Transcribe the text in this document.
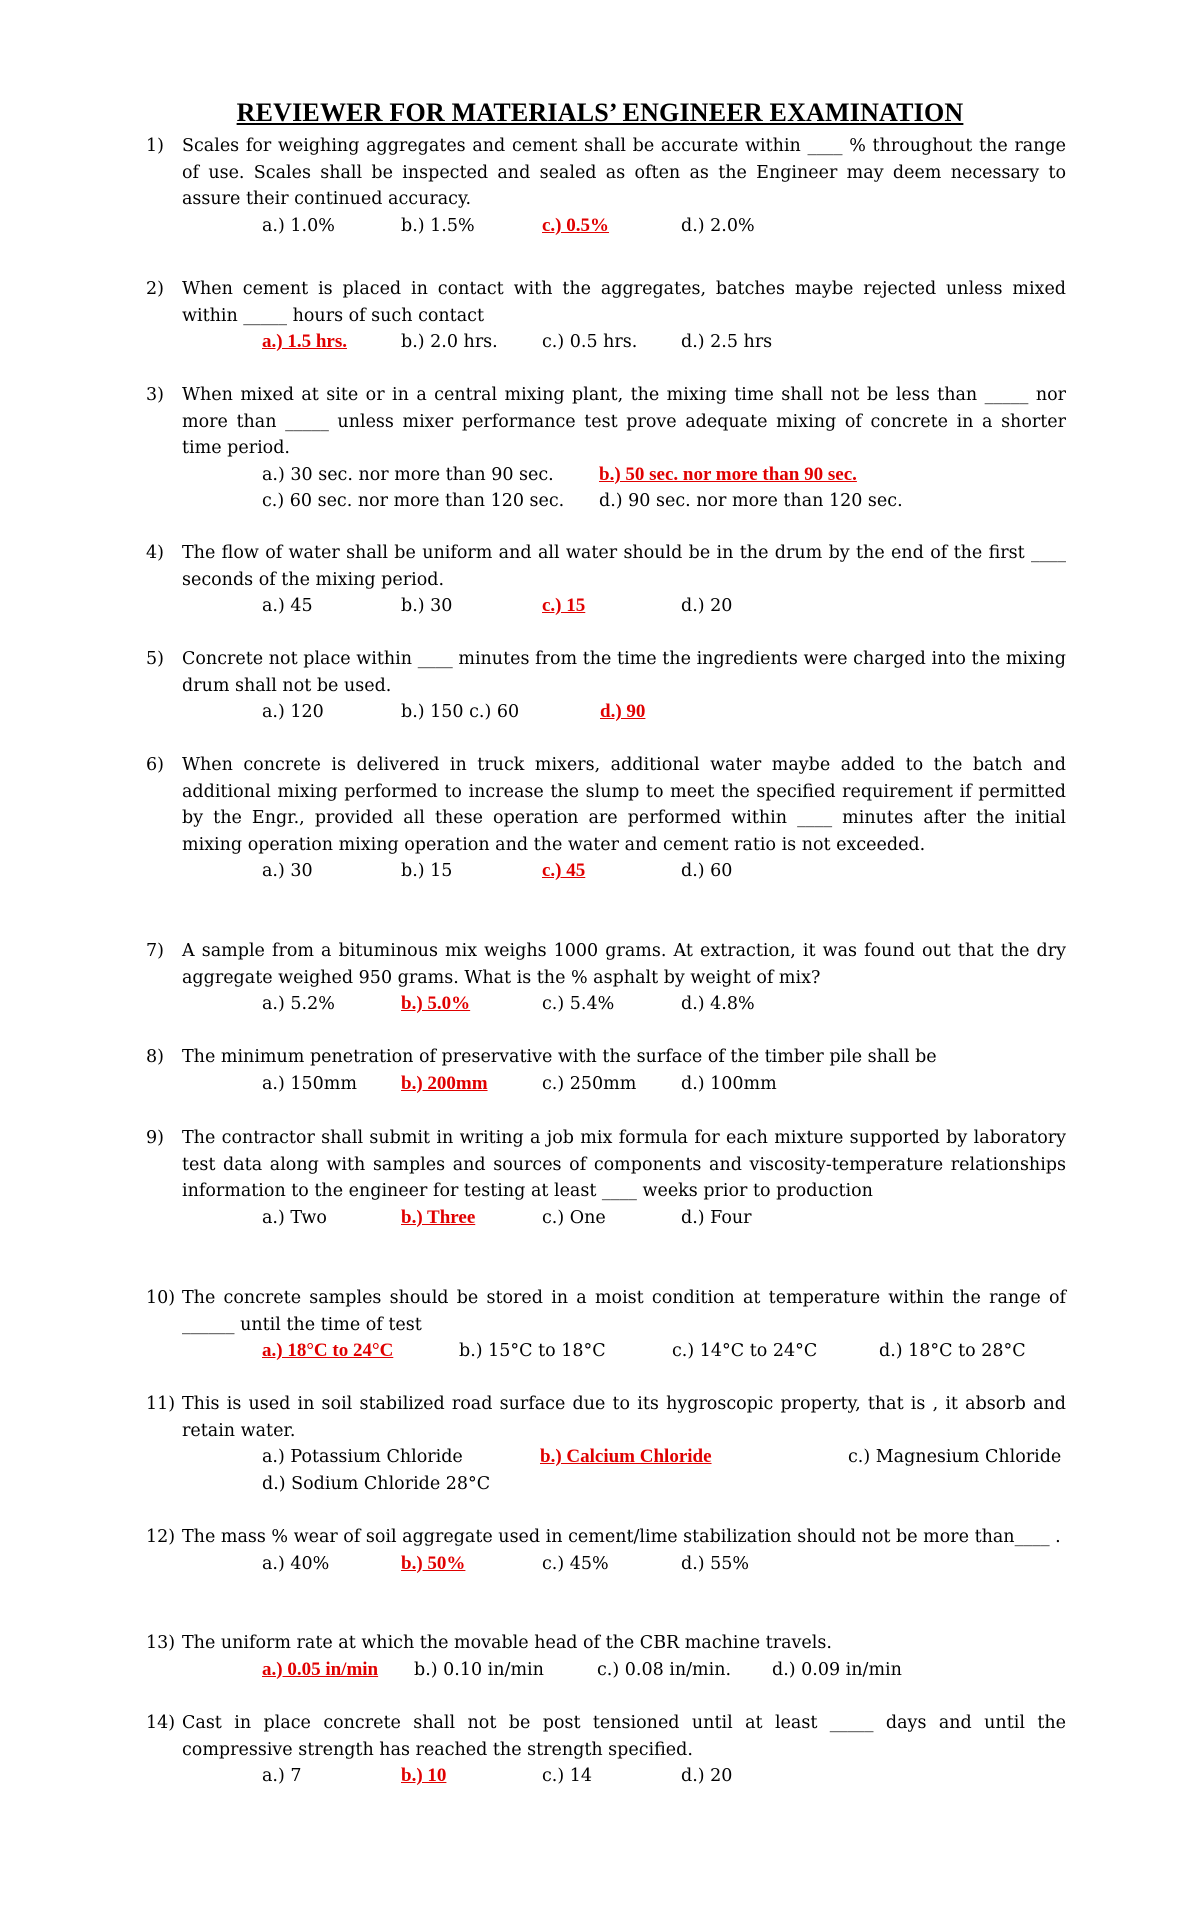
REVIEWER FOR MATERIALS’ ENGINEER EXAMINATION
1)	Scales for weighing aggregates and cement shall be accurate within ____ % throughout the range of use. Scales shall be inspected and sealed as often as the Engineer may deem necessary to assure their continued accuracy.
a.) 1.0%	b.) 1.5%	c.) 0.5%	d.) 2.0%
2)	When cement is placed in contact with the aggregates, batches maybe rejected unless mixed within _____ hours of such contact
a.) 1.5 hrs.	b.) 2.0 hrs.	c.) 0.5 hrs. d.) 2.5 hrs
3)	When mixed at site or in a central mixing plant, the mixing time shall not be less than _____ nor more than _____ unless mixer performance test prove adequate mixing of concrete in a shorter time period.
a.) 30 sec. nor more than 90 sec. b.) 50 sec. nor more than 90 sec.
c.) 60 sec. nor more than 120 sec. d.) 90 sec. nor more than 120 sec.
4)	The flow of water shall be uniform and all water should be in the drum by the end of the first ____ seconds of the mixing period.
a.) 45	b.) 30	c.) 15	d.) 20
5)	Concrete not place within ____ minutes from the time the ingredients were charged into the mixing drum shall not be used.
a.) 120	b.) 150 c.) 60	d.) 90
6)	When concrete is delivered in truck mixers, additional water maybe added to the batch and additional mixing performed to increase the slump to meet the specified requirement if permitted by the Engr., provided all these operation are performed within ____ minutes after the initial mixing operation mixing operation and the water and cement ratio is not exceeded.
a.) 30	b.) 15	c.) 45	d.) 60
7)	A sample from a bituminous mix weighs 1000 grams. At extraction, it was found out that the dry aggregate weighed 950 grams. What is the % asphalt by weight of mix?
a.) 5.2%	b.) 5.0%	c.) 5.4%	d.) 4.8%
8)	The minimum penetration of preservative with the surface of the timber pile shall be
a.) 150mm b.) 200mm	c.) 250mm	d.) 100mm
9)	The contractor shall submit in writing a job mix formula for each mixture supported by laboratory test data along with samples and sources of components and viscosity-temperature relationships information to the engineer for testing at least ____ weeks prior to production
a.) Two	b.) Three	c.) One	d.) Four
10) The concrete samples should be stored in a moist condition at temperature within the range of ______ until the time of test
a.) 18°C to 24°C	b.) 15°C to 18°C	c.) 14°C to 24°C	d.) 18°C to 28°C
11) This is used in soil stabilized road surface due to its hygroscopic property, that is , it absorb and retain water.
a.) Potassium Chloride	b.) Calcium Chloride	c.) Magnesium Chloride
d.) Sodium Chloride 28°C
12) The mass % wear of soil aggregate used in cement/lime stabilization should not be more than____ .
a.) 40%	b.) 50%	c.) 45%	d.) 55%
13) The uniform rate at which the movable head of the CBR machine travels.
a.) 0.05 in/min b.) 0.10 in/min	c.) 0.08 in/min. d.) 0.09 in/min
14) Cast in place concrete shall not be post tensioned until at least _____ days and until the compressive strength has reached the strength specified.
a.) 7	b.) 10	c.) 14	d.) 20
